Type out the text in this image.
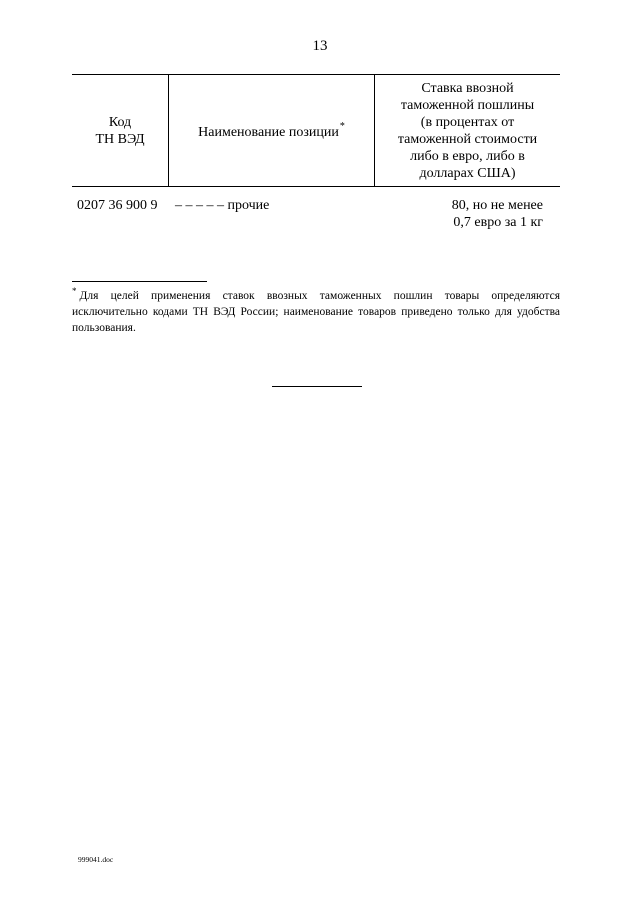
13
Код
ТН ВЭД	Наименование позиции*
Ставка ввозной
таможенной пошлины
(в процентах от
таможенной стоимости
либо в евро, либо в
долларах США)
0207 36 900 9 – – – – – прочие	80, но не менее
0,7 евро за 1 кг
* Для целей применения ставок ввозных таможенных пошлин товары определяются исключительно кодами ТН ВЭД России; наименование товаров приведено только для удобства пользования.
999041.doc
